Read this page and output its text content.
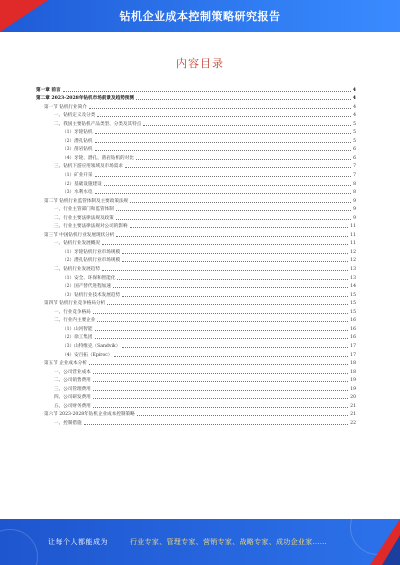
钻机企业成本控制策略研究报告
内容目录
第一章 前言	4
第二章 2023-2028年钻机市场前景及趋势预测	4
第一节 钻机行业简介	4
一、钻机定义及分类	4
二、我国主要钻机产品类型、分类及其特点	5
（1）牙轮钻机	5
（2）潜孔钻机	5
（3）凿岩钻机	6
（4）牙轮、潜孔、凿岩钻机的对比	6
三、钻机下游应用领域及市场需求	7
（1）矿业开采	7
（2）基础设施建设	8
（3）水利水电	8
第二节 钻机行业监管体制及主要政策法规	9
一、行业主管部门和监管体制	9
二、行业主要法律法规及政策	9
三、行业主要法律法规对公司的影响	11
第三节 中国钻机行业发展现状分析	11
一、钻机行业发展概况	11
（1）牙轮钻机行业市场规模	12
（2）潜孔钻机行业市场规模	12
二、钻机行业发展趋势	13
（1）安全、环保和智能化	13
（2）国产替代进程加速	14
（3）钻机行业技术发展趋势	15
第四节 钻机行业竞争格局分析	15
一、行业竞争格局	15
二、行业内主要企业	16
（1）山河智能	16
（2）徐工集团	16
（3）山特维克（Sandvik）	17
（4）安百拓（Epiroc）	17
第五节 企业成本分析	18
一、公司营业成本	18
二、公司销售费用	19
三、公司管理费用	19
四、公司研发费用	20
五、公司财务费用	21
第六节 2023-2028年钻机企业成本控制策略	21
一、控制措施	22
让每个人都能成为	行业专家、管理专家、营销专家、战略专家、成功企业家……
